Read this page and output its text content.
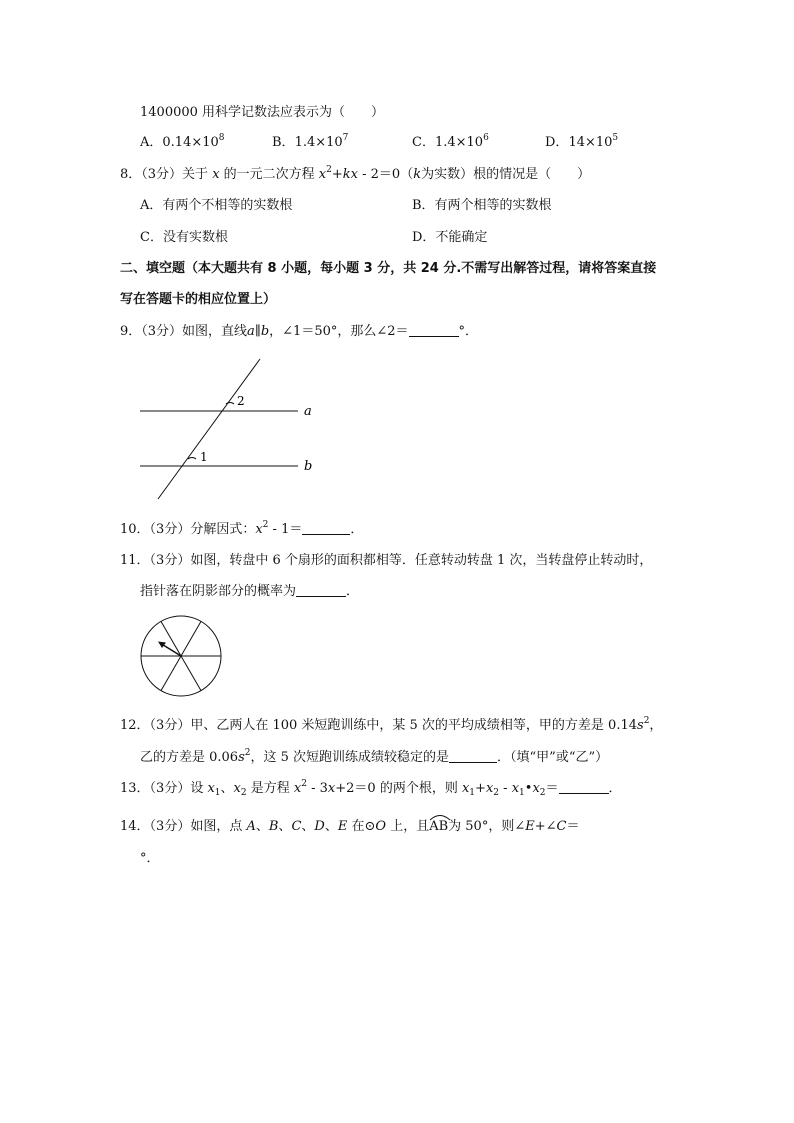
1400000 用科学记数法应表示为（　　）
A．$0.14\times 10^8$	B．$1.4\times 10^7$	C．$1.4\times 10^6$	D．$14\times 10^5$
8．（3分）关于 x 的一元二次方程 $x^2+kx - 2=0(k$为实数）根的情况是（　　）
A．有两个不相等的实数根	B．有两个相等的实数根
C．没有实数根	D．不能确定
二、填空题（本大题共有 8 小题，每小题 3 分，共 24 分.不需写出解答过程，请将答案直接
写在答题卡的相应位置上）
9．（3分）如图，直线a∥b，∠1＝50°，那么∠2＝	°．
2
1
a
b
10．（3分）分解因式：$x^2 - 1=$	．
11．（3分）如图，转盘中 6 个扇形的面积都相等．任意转动转盘 1 次，当转盘停止转动时，
指针落在阴影部分的概率为	．
12．（3分）甲、乙两人在 100 米短跑训练中，某 5 次的平均成绩相等，甲的方差是 $0.14s^2$，
乙的方差是 $0.06s^2$，这 5 次短跑训练成绩较稳定的是	．（填“甲”或“乙”）
13．（3分）设 $x_1$、$x_2$ 是方程 $x^2 - 3x+2=0$ 的两个根，则 $x_1+x_2$ - $x_1•x_2=$	．
14．（3分）如图，点 A、B、C、D、E 在⊙O 上，且
AB为 50°，则∠E+∠C＝
°．
